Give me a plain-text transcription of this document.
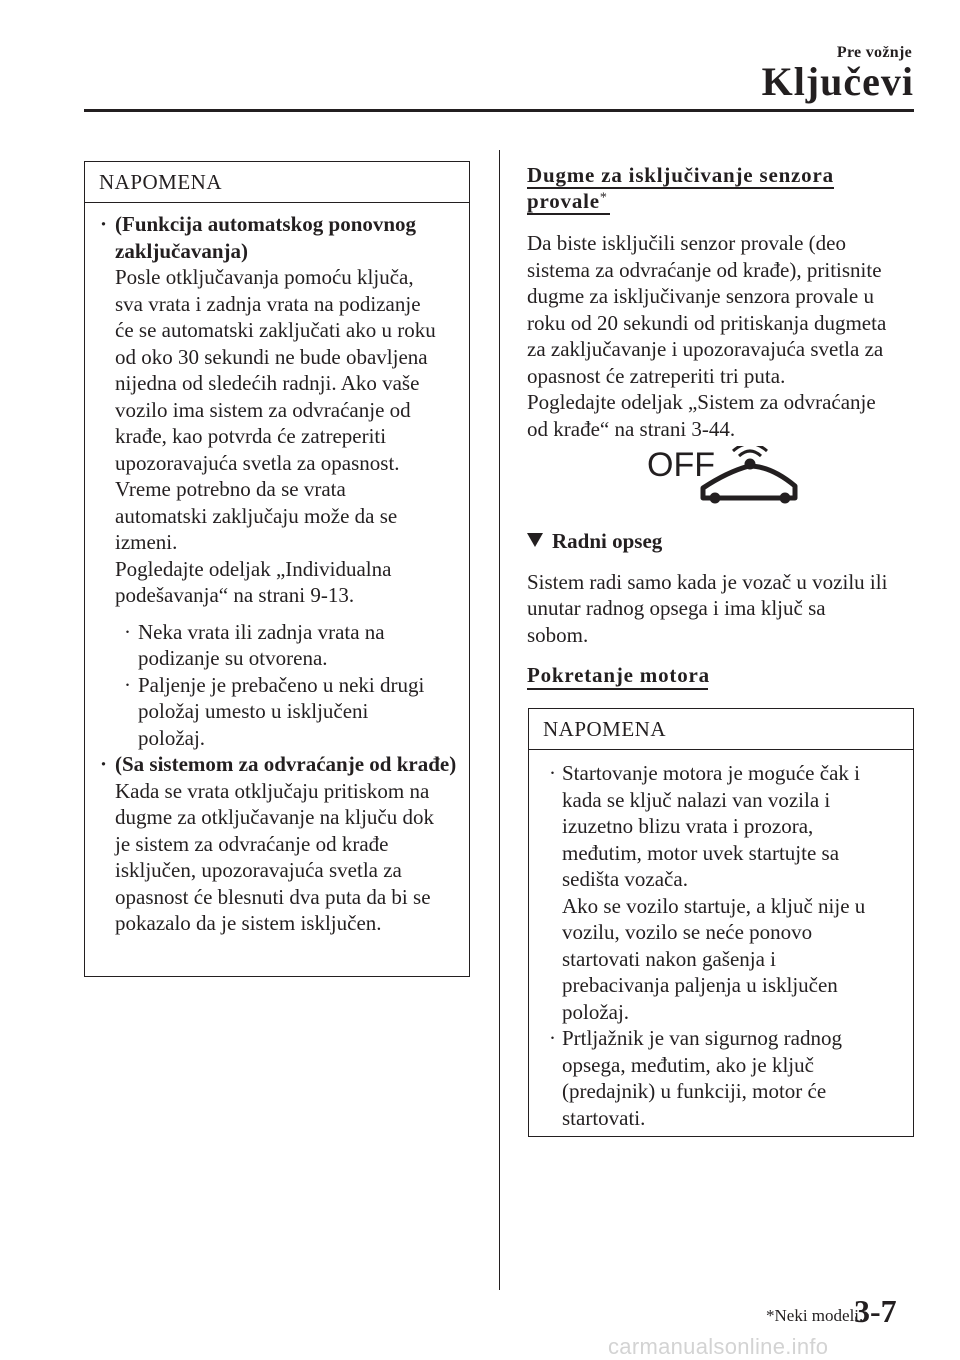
Pre vožnje
Ključevi
NAPOMENA
· (Funkcija automatskog ponovnog zaključavanja)
Posle otključavanja pomoću ključa,
sva vrata i zadnja vrata na podizanje
će se automatski zaključati ako u roku
od oko 30 sekundi ne bude obavljena
nijedna od sledećih radnji. Ako vaše
vozilo ima sistem za odvraćanje od
krađe, kao potvrda će zatreperiti
upozoravajuća svetla za opasnost.
Vreme potrebno da se vrata
automatski zaključaju može da se
izmeni.
Pogledajte odeljak „Individualna
podešavanja“ na strani 9-13.
· Neka vrata ili zadnja vrata na
podizanje su otvorena.
· Paljenje je prebačeno u neki drugi
položaj umesto u isključeni
položaj.
· (Sa sistemom za odvraćanje od krađe)
Kada se vrata otključaju pritiskom na
dugme za otključavanje na ključu dok
je sistem za odvraćanje od krađe
isključen, upozoravajuća svetla za
opasnost će blesnuti dva puta da bi se
pokazalo da je sistem isključen.
Dugme za isključivanje senzora
provale*
Da biste isključili senzor provale (deo
sistema za odvraćanje od krađe), pritisnite
dugme za isključivanje senzora provale u
roku od 20 sekundi od pritiskanja dugmeta
za zaključavanje i upozoravajuća svetla za
opasnost će zatreperiti tri puta.
Pogledajte odeljak „Sistem za odvraćanje
od krađe“ na strani 3-44.
OFF
Radni opseg
Sistem radi samo kada je vozač u vozilu ili
unutar radnog opsega i ima ključ sa
sobom.
Pokretanje motora
NAPOMENA
· Startovanje motora je moguće čak i
kada se ključ nalazi van vozila i
izuzetno blizu vrata i prozora,
međutim, motor uvek startujte sa
sedišta vozača.
Ako se vozilo startuje, a ključ nije u
vozilu, vozilo se neće ponovo
startovati nakon gašenja i
prebacivanja paljenja u isključen
položaj.
· Prtljažnik je van sigurnog radnog
opsega, međutim, ako je ključ
(predajnik) u funkciji, motor će
startovati.
*Neki modeli.
3-7
carmanualsonline.info
